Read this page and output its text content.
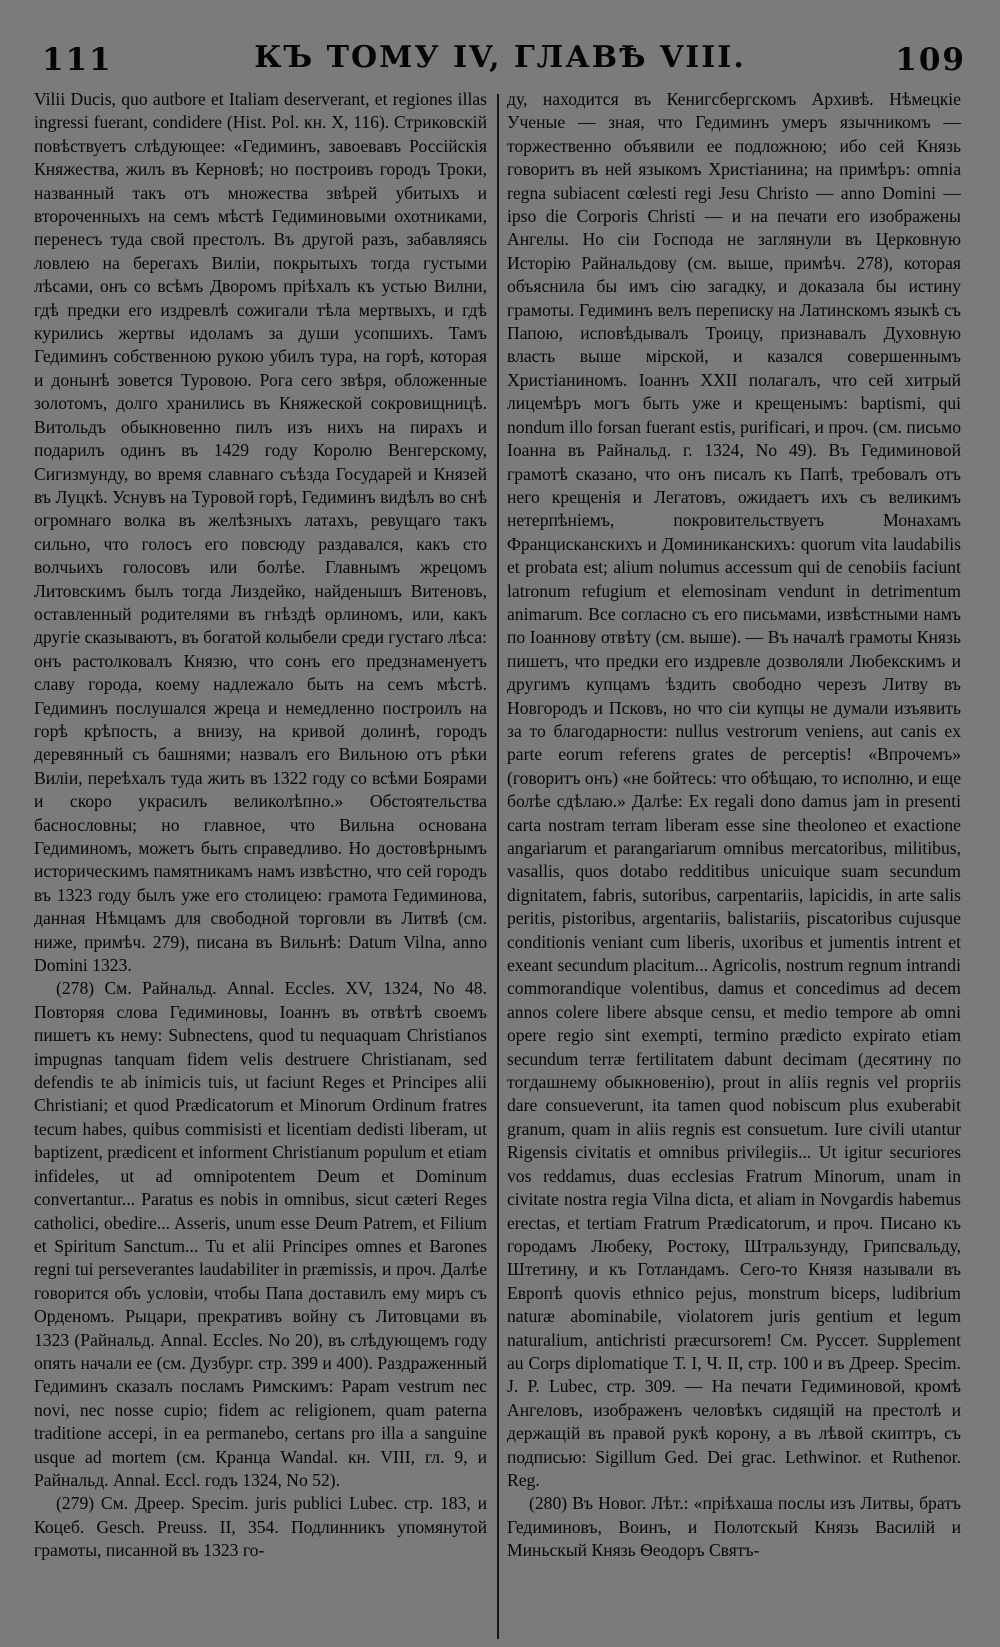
111	КЪ ТОМУ IV, ГЛАВѢ VIII.	109

Vilii Ducis, quo autbore et Italiam deserverant, et regiones illas ingressi fuerant, condidere (Hist. Pol. кн. X, 116). Стриковскій повѣствуетъ слѣдующее: «Гедиминъ, завоевавъ Россійскія Княжества, жилъ въ Керновѣ; но построивъ городъ Троки, названный такъ отъ множества звѣрей убитыхъ и второченныхъ на семъ мѣстѣ Гедиминовыми охотниками, перенесъ туда свой престолъ. Въ другой разъ, забавляясь ловлею на берегахъ Виліи, покрытыхъ тогда густыми лѣсами, онъ со всѣмъ Дворомъ пріѣхалъ къ устью Вилни, гдѣ предки его издревлѣ сожигали тѣла мертвыхъ, и гдѣ курились жертвы идоламъ за души усопшихъ. Тамъ Гедиминъ собственною рукою убилъ тура, на горѣ, которая и донынѣ зовется Туровою. Рога сего звѣря, обложенные золотомъ, долго хранились въ Княжеской сокровищницѣ. Витольдъ обыкновенно пилъ изъ нихъ на пирахъ и подарилъ одинъ въ 1429 году Королю Венгерскому, Сигизмунду, во время славнаго съѣзда Государей и Князей въ Луцкѣ. Уснувъ на Туровой горѣ, Гедиминъ видѣлъ во снѣ огромнаго волка въ желѣзныхъ латахъ, ревущаго такъ сильно, что голосъ его повсюду раздавался, какъ сто волчьихъ голосовъ или болѣе. Главнымъ жрецомъ Литовскимъ былъ тогда Лиздейко, найденышъ Витеновъ, оставленный родителями въ гнѣздѣ орлиномъ, или, какъ другіе сказываютъ, въ богатой колыбели среди густаго лѣса: онъ растолковалъ Князю, что сонъ его предзнаменуетъ славу города, коему надлежало быть на семъ мѣстѣ. Гедиминъ послушался жреца и немедленно построилъ на горѣ крѣпость, а внизу, на кривой долинѣ, городъ деревянный съ башнями; назвалъ его Вильною отъ рѣки Виліи, переѣхалъ туда жить въ 1322 году со всѣми Боярами и скоро украсилъ великолѣпно.» Обстоятельства баснословны; но главное, что Вильна основана Гедиминомъ, можетъ быть справедливо. Но достовѣрнымъ историческимъ памятникамъ намъ извѣстно, что сей городъ въ 1323 году былъ уже его столицею: грамота Гедиминова, данная Нѣмцамъ для свободной торговли въ Литвѣ (см. ниже, примѣч. 279), писана въ Вильнѣ: Datum Vilna, anno Domini 1323.

(278) См. Райнальд. Annal. Eccles. XV, 1324, No 48. Повторяя слова Гедиминовы, Іоаннъ въ отвѣтѣ своемъ пишетъ къ нему: Subnectens, quod tu nequaquam Christianos impugnas tanquam fidem velis destruere Christianam, sed defendis te ab inimicis tuis, ut faciunt Reges et Principes alii Christiani; et quod Prædicatorum et Minorum Ordinum fratres tecum habes, quibus commisisti et licentiam dedisti liberam, ut baptizent, prædicent et informent Christianum populum et etiam infideles, ut ad omnipotentem Deum et Dominum convertantur... Paratus es nobis in omnibus, sicut cæteri Reges catholici, obedire... Asseris, unum esse Deum Patrem, et Filium et Spiritum Sanctum... Tu et alii Principes omnes et Barones regni tui perseverantes laudabiliter in præmissis, и проч. Далѣе говорится объ условіи, чтобы Папа доставилъ ему миръ съ Орденомъ. Рыцари, прекративъ войну съ Литовцами въ 1323 (Райнальд. Annal. Eccles. No 20), въ слѣдующемъ году опять начали ее (см. Дузбург. стр. 399 и 400). Раздраженный Гедиминъ сказалъ посламъ Римскимъ: Papam vestrum nec novi, nec nosse cupio; fidem ac religionem, quam paterna traditione accepi, in ea permanebo, certans pro illa a sanguine usque ad mortem (см. Кранца Wandal. кн. VIII, гл. 9, и Райнальд. Annal. Eccl. годъ 1324, No 52).

(279) См. Дреер. Specim. juris publici Lubec. стр. 183, и Коцеб. Gesch. Preuss. II, 354. Подлинникъ упомянутой грамоты, писанной въ 1323 го-

ду, находится въ Кенигсбергскомъ Архивѣ. Нѣмецкіе Ученые — зная, что Гедиминъ умеръ язычникомъ — торжественно объявили ее подложною; ибо сей Князь говоритъ въ ней языкомъ Христіанина; на примѣръ: omnia regna subiacent cœlesti regi Jesu Christo — anno Domini — ipso die Corporis Christi — и на печати его изображены Ангелы. Но сіи Господа не заглянули въ Церковную Исторію Райнальдову (см. выше, примѣч. 278), которая объяснила бы имъ сію загадку, и доказала бы истину грамоты. Гедиминъ велъ переписку на Латинскомъ языкѣ съ Папою, исповѣдывалъ Троицу, признавалъ Духовную власть выше мірской, и казался совершеннымъ Христіаниномъ. Іоаннъ XXII полагалъ, что сей хитрый лицемѣръ могъ быть уже и крещенымъ: baptismi, qui nondum illo forsan fuerant estis, purificari, и проч. (см. письмо Іоанна въ Райнальд. г. 1324, No 49). Въ Гедиминовой грамотѣ сказано, что онъ писалъ къ Папѣ, требовалъ отъ него крещенія и Легатовъ, ожидаетъ ихъ съ великимъ нетерпѣніемъ, покровительствуетъ Монахамъ Францисканскихъ и Доминиканскихъ: quorum vita laudabilis et probata est; alium nolumus accessum qui de cenobiis faciunt latronum refugium et elemosinam vendunt in detrimentum animarum. Все согласно съ его письмами, извѣстными намъ по Іоаннову отвѣту (см. выше). — Въ началѣ грамоты Князь пишетъ, что предки его издревле дозволяли Любекскимъ и другимъ купцамъ ѣздить свободно черезъ Литву въ Новгородъ и Псковъ, но что сіи купцы не думали изъявить за то благодарности: nullus vestrorum veniens, aut canis ex parte eorum referens grates de perceptis! «Впрочемъ» (говоритъ онъ) «не бойтесь: что обѣщаю, то исполню, и еще болѣе сдѣлаю.» Далѣе: Ex regali dono damus jam in presenti carta nostram terram liberam esse sine theoloneo et exactione angariarum et parangariarum omnibus mercatoribus, militibus, vasallis, quos dotabo redditibus unicuique suam secundum dignitatem, fabris, sutoribus, carpentariis, lapicidis, in arte salis peritis, pistoribus, argentariis, balistariis, piscatoribus cujusque conditionis veniant cum liberis, uxoribus et jumentis intrent et exeant secundum placitum... Agricolis, nostrum regnum intrandi commorandique volentibus, damus et concedimus ad decem annos colere libere absque censu, et medio tempore ab omni opere regio sint exempti, termino prædicto expirato etiam secundum terræ fertilitatem dabunt decimam (десятину по тогдашнему обыкновенію), prout in aliis regnis vel propriis dare consueverunt, ita tamen quod nobiscum plus exuberabit granum, quam in aliis regnis est consuetum. Iure civili utantur Rigensis civitatis et omnibus privilegiis... Ut igitur securiores vos reddamus, duas ecclesias Fratrum Minorum, unam in civitate nostra regia Vilna dicta, et aliam in Novgardis habemus erectas, et tertiam Fratrum Prædicatorum, и проч. Писано къ городамъ Любеку, Ростоку, Штральзунду, Грипсвальду, Штетину, и къ Готландамъ. Сего-то Князя называли въ Европѣ quovis ethnico pejus, monstrum biceps, ludibrium naturæ abominabile, violatorem juris gentium et legum naturalium, antichristi præcursorem! См. Руссет. Supplement au Corps diplomatique Т. I, Ч. II, стр. 100 и въ Дреер. Specim. J. P. Lubec, стр. 309. — На печати Гедиминовой, кромѣ Ангеловъ, изображенъ человѣкъ сидящій на престолѣ и держащій въ правой рукѣ корону, а въ лѣвой скиптръ, съ подписью: Sigillum Ged. Dei grac. Lethwinor. et Ruthenor. Reg.

(280) Въ Новог. Лѣт.: «пріѣхаша послы изъ Литвы, братъ Гедиминовъ, Воинъ, и Полотскый Князь Василій и Миньскый Князь Ѳеодоръ Святъ-
